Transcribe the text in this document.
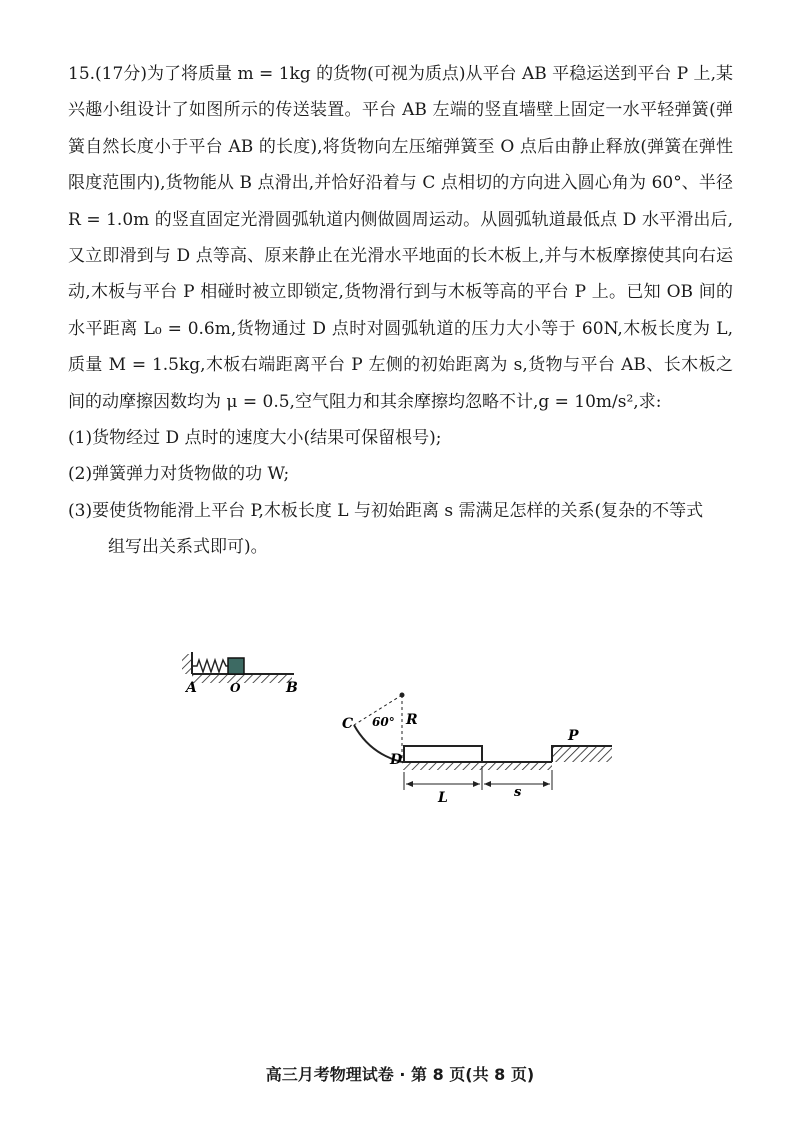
15.(17分)为了将质量 m = 1kg 的货物(可视为质点)从平台 AB 平稳运送到平台 P 上,某兴趣小组设计了如图所示的传送装置。平台 AB 左端的竖直墙壁上固定一水平轻弹簧(弹簧自然长度小于平台 AB 的长度),将货物向左压缩弹簧至 O 点后由静止释放(弹簧在弹性限度范围内),货物能从 B 点滑出,并恰好沿着与 C 点相切的方向进入圆心角为 60°、半径 R = 1.0m 的竖直固定光滑圆弧轨道内侧做圆周运动。从圆弧轨道最低点 D 水平滑出后,又立即滑到与 D 点等高、原来静止在光滑水平地面的长木板上,并与木板摩擦使其向右运动,木板与平台 P 相碰时被立即锁定,货物滑行到与木板等高的平台 P 上。已知 OB 间的水平距离 L₀ = 0.6m,货物通过 D 点时对圆弧轨道的压力大小等于 60N,木板长度为 L,质量 M = 1.5kg,木板右端距离平台 P 左侧的初始距离为 s,货物与平台 AB、长木板之间的动摩擦因数均为 μ = 0.5,空气阻力和其余摩擦均忽略不计,g = 10m/s²,求:

(1)货物经过 D 点时的速度大小(结果可保留根号);

(2)弹簧弹力对货物做的功 W;

(3)要使货物能滑上平台 P,木板长度 L 与初始距离 s 需满足怎样的关系(复杂的不等式
组写出关系式即可)。

A	O	B
C 60° R
D
P
L	s
高三月考物理试卷 · 第 8 页(共 8 页)
